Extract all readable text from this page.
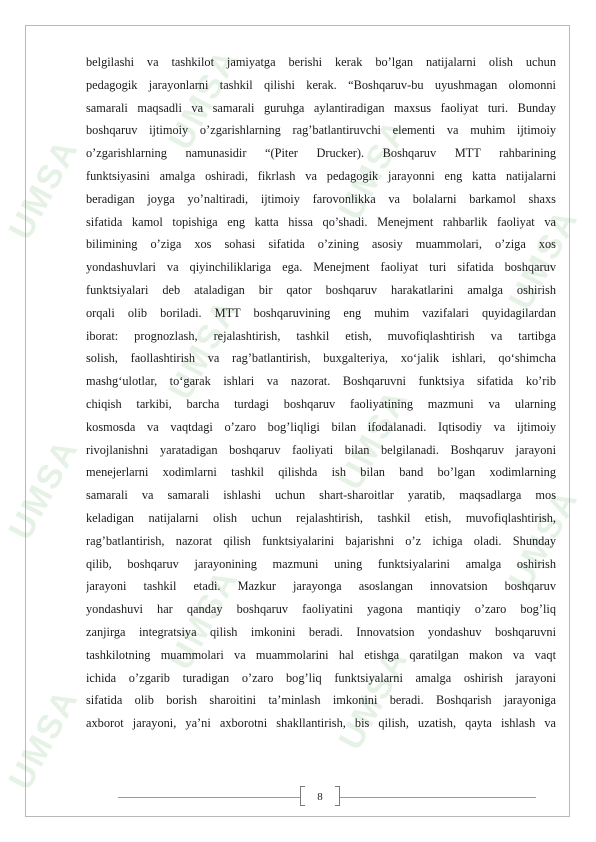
UMSA
UMSA
UMSA
UMSA
UMSA
UMSA
UMSA
UMSA
UMSA
UMSA
UMSA
belgilashi va tashkilot jamiyatga berishi kerak bo’lgan natijalarni olish uchun
pedagogik jarayonlarni tashkil qilishi kerak. “Boshqaruv-bu uyushmagan olomonni
samarali maqsadli va samarali guruhga aylantiradigan maxsus faoliyat turi. Bunday
boshqaruv ijtimoiy o’zgarishlarning rag’batlantiruvchi elementi va muhim ijtimoiy
o’zgarishlarning namunasidir “(Piter Drucker). Boshqaruv MTT rahbarining
funktsiyasini amalga oshiradi, fikrlash va pedagogik jarayonni eng katta natijalarni
beradigan joyga yo’naltiradi, ijtimoiy farovonlikka va bolalarni barkamol shaxs
sifatida kamol topishiga eng katta hissa qo’shadi. Menejment rahbarlik faoliyat va
bilimining o’ziga xos sohasi sifatida o’zining asosiy muammolari, o’ziga xos
yondashuvlari va qiyinchiliklariga ega. Menejment faoliyat turi sifatida boshqaruv
funktsiyalari deb ataladigan bir qator boshqaruv harakatlarini amalga oshirish
orqali olib boriladi. MTT boshqaruvining eng muhim vazifalari quyidagilardan
iborat: prognozlash, rejalashtirish, tashkil etish, muvofiqlashtirish va tartibga
solish, faollashtirish va rag’batlantirish, buxgalteriya, xo‘jalik ishlari, qo‘shimcha
mashg‘ulotlar, to‘garak ishlari va nazorat. Boshqaruvni funktsiya sifatida ko’rib
chiqish tarkibi, barcha turdagi boshqaruv faoliyatining mazmuni va ularning
kosmosda va vaqtdagi o’zaro bog’liqligi bilan ifodalanadi. Iqtisodiy va ijtimoiy
rivojlanishni yaratadigan boshqaruv faoliyati bilan belgilanadi. Boshqaruv jarayoni
menejerlarni xodimlarni tashkil qilishda ish bilan band bo’lgan xodimlarning
samarali va samarali ishlashi uchun shart-sharoitlar yaratib, maqsadlarga mos
keladigan natijalarni olish uchun rejalashtirish, tashkil etish, muvofiqlashtirish,
rag’batlantirish, nazorat qilish funktsiyalarini bajarishni o’z ichiga oladi. Shunday
qilib, boshqaruv jarayonining mazmuni uning funktsiyalarini amalga oshirish
jarayoni tashkil etadi. Mazkur jarayonga asoslangan innovatsion boshqaruv
yondashuvi har qanday boshqaruv faoliyatini yagona mantiqiy o’zaro bog’liq
zanjirga integratsiya qilish imkonini beradi. Innovatsion yondashuv boshqaruvni
tashkilotning muammolari va muammolarini hal etishga qaratilgan makon va vaqt
ichida o’zgarib turadigan o’zaro bog’liq funktsiyalarni amalga oshirish jarayoni
sifatida olib borish sharoitini ta’minlash imkonini beradi. Boshqarish jarayoniga
axborot jarayoni, ya’ni axborotni shakllantirish, bis qilish, uzatish, qayta ishlash va
8
